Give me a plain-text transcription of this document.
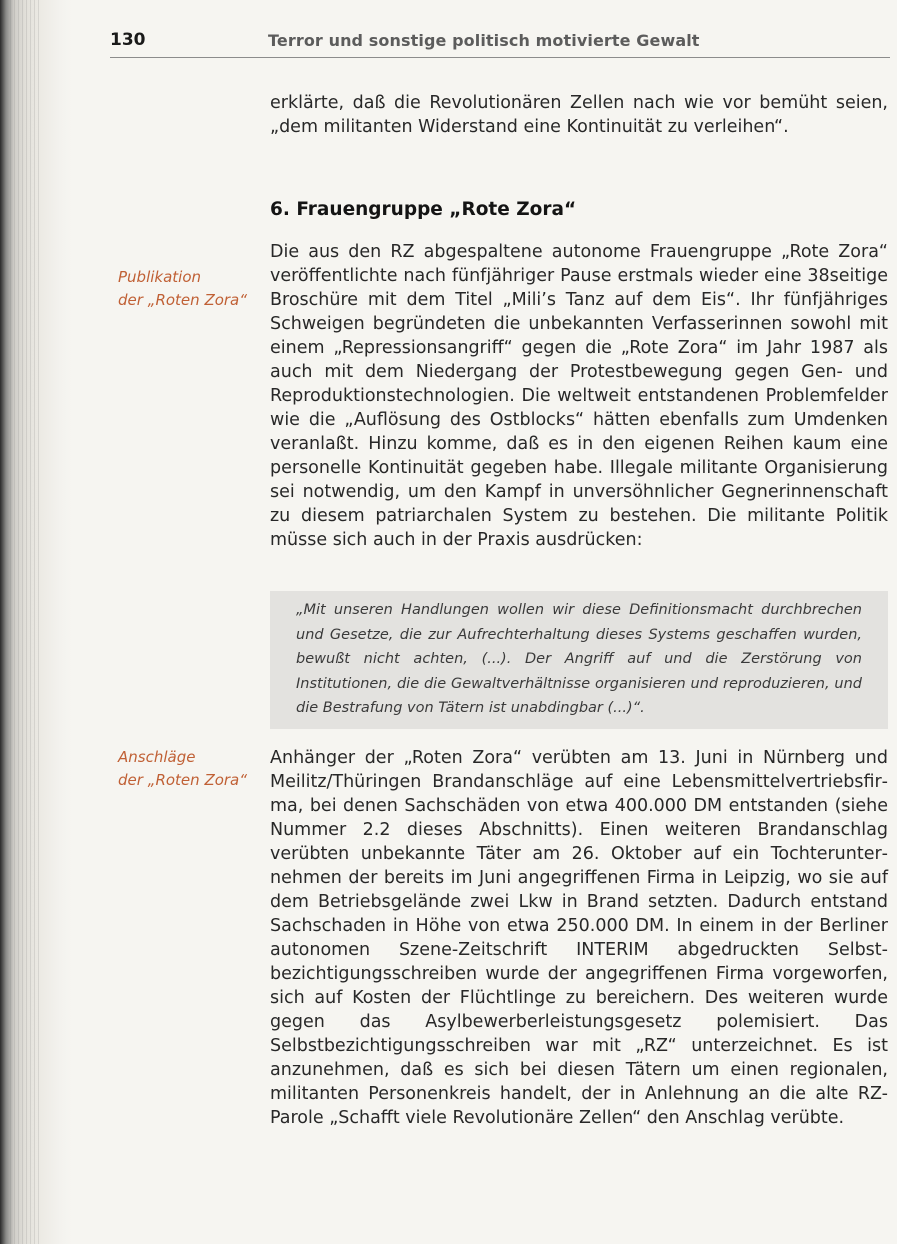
130	Terror und sonstige politisch motivierte Gewalt
erklärte, daß die Revolutionären Zellen nach wie vor bemüht seien, „dem militanten Widerstand eine Kontinuität zu verleihen“.
6. Frauengruppe „Rote Zora“
Publikation
der „Roten Zora“
Die aus den RZ abgespaltene autonome Frauengruppe „Rote Zora“ veröffentlichte nach fünfjähriger Pause erstmals wieder eine 38seitige Broschüre mit dem Titel „Mili’s Tanz auf dem Eis“. Ihr fünfjähriges Schweigen begründeten die unbekannten Verfasserinnen sowohl mit einem „Repressionsangriff“ gegen die „Rote Zora“ im Jahr 1987 als auch mit dem Niedergang der Protestbewegung gegen Gen- und Reproduktionstechnologien. Die weltweit entstandenen Problemfelder wie die „Auflösung des Ostblocks“ hätten ebenfalls zum Umdenken veranlaßt. Hinzu komme, daß es in den eigenen Reihen kaum eine personelle Kontinuität gegeben habe. Illegale militante Organisierung sei notwendig, um den Kampf in unversöhnlicher Gegnerinnenschaft zu diesem patriarchalen System zu bestehen. Die militante Politik müsse sich auch in der Praxis ausdrücken:
„Mit unseren Handlungen wollen wir diese Definitionsmacht durchbrechen und Gesetze, die zur Aufrechterhaltung dieses Systems geschaffen wurden, bewußt nicht achten, (...). Der Angriff auf und die Zerstörung von Institutionen, die die Gewaltverhältnisse organisieren und reproduzieren, und die Bestrafung von Tätern ist unabdingbar (...)“.
Anschläge
der „Roten Zora“
Anhänger der „Roten Zora“ verübten am 13. Juni in Nürnberg und Meilitz/Thüringen Brandanschläge auf eine Lebensmittelvertriebsfirma, bei denen Sachschäden von etwa 400.000 DM entstanden (siehe Nummer 2.2 dieses Abschnitts). Einen weiteren Brandanschlag verübten unbekannte Täter am 26. Oktober auf ein Tochterunternehmen der bereits im Juni angegriffenen Firma in Leipzig, wo sie auf dem Betriebsgelände zwei Lkw in Brand setzten. Dadurch entstand Sachschaden in Höhe von etwa 250.000 DM. In einem in der Berliner autonomen Szene-Zeitschrift INTERIM abgedruckten Selbstbezichtigungsschreiben wurde der angegriffenen Firma vorgeworfen, sich auf Kosten der Flüchtlinge zu bereichern. Des weiteren wurde gegen das Asylbewerberleistungsgesetz polemisiert. Das Selbstbezichtigungsschreiben war mit „RZ“ unterzeichnet. Es ist anzunehmen, daß es sich bei diesen Tätern um einen regionalen, militanten Personenkreis handelt, der in Anlehnung an die alte RZ-Parole „Schafft viele Revolutionäre Zellen“ den Anschlag verübte.
